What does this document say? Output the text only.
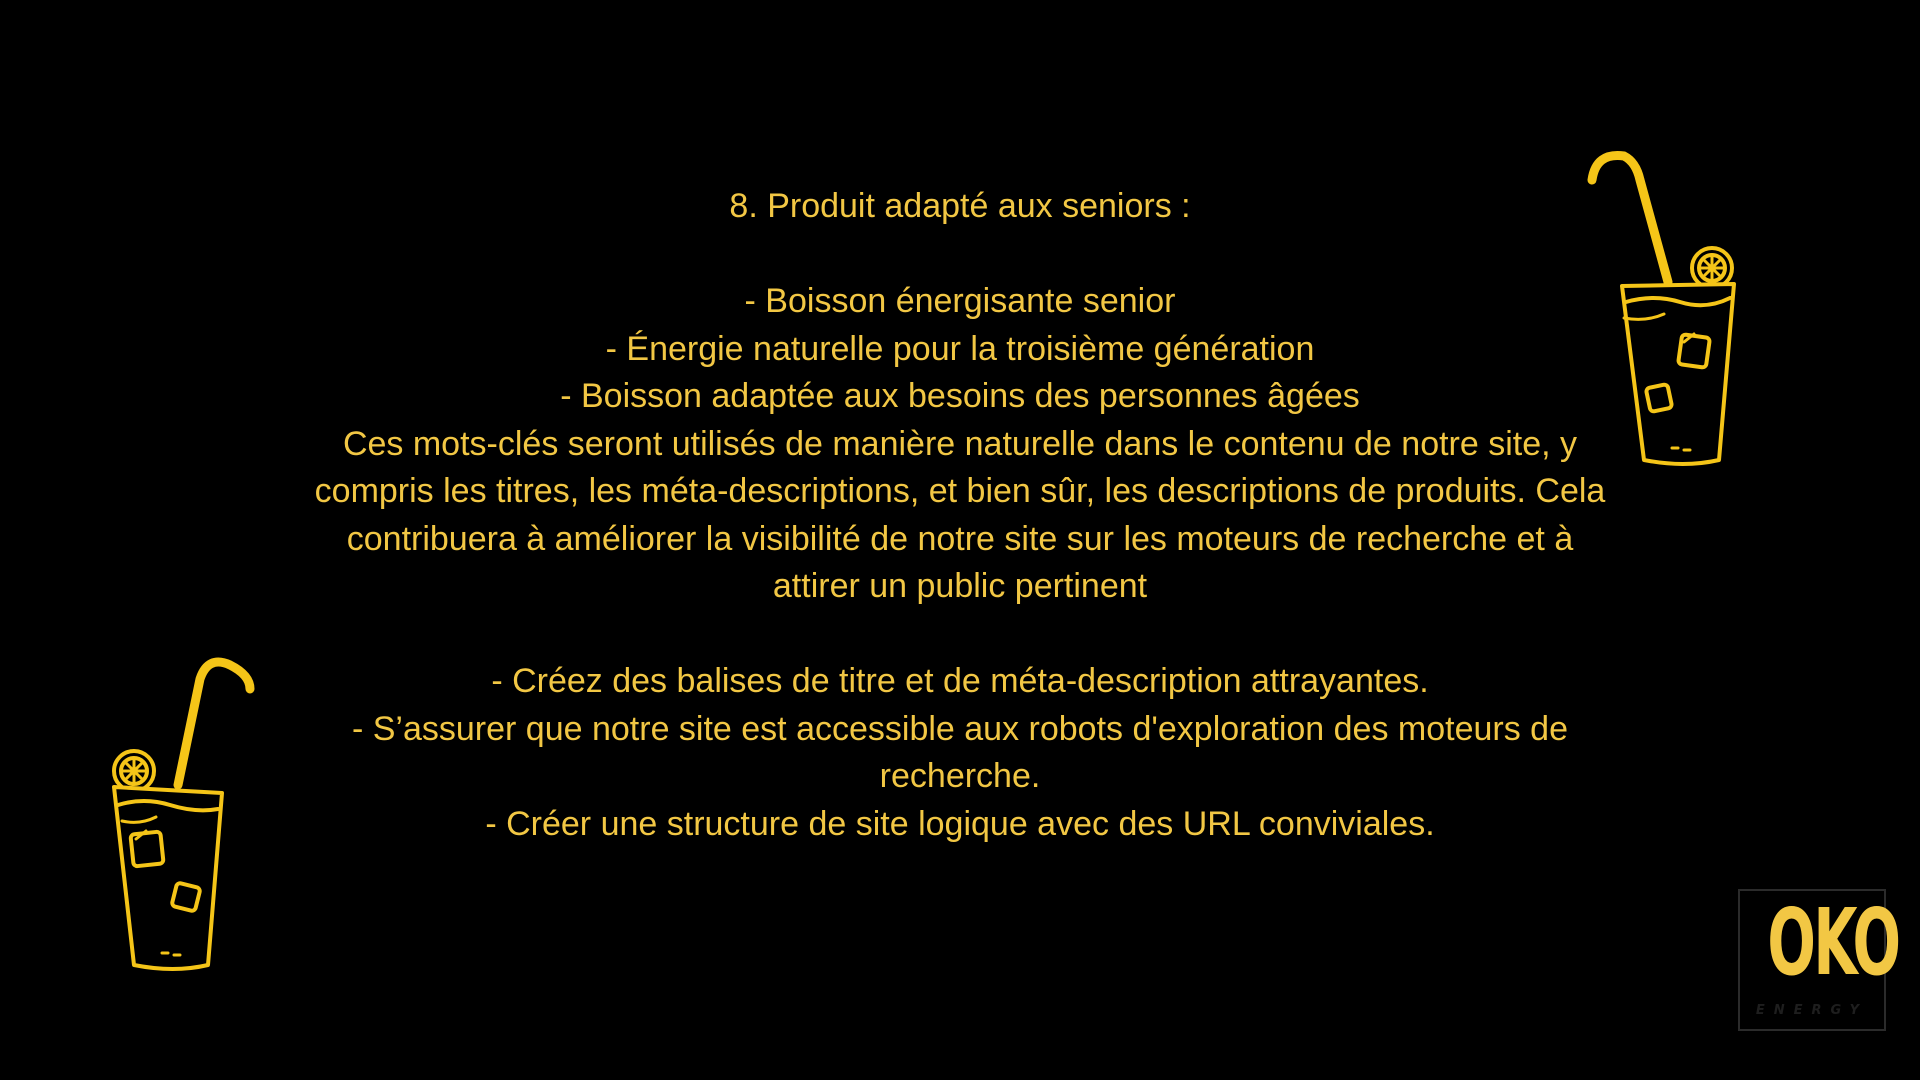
8. Produit adapté aux seniors :
- Boisson énergisante senior
- Énergie naturelle pour la troisième génération
- Boisson adaptée aux besoins des personnes âgées
Ces mots-clés seront utilisés de manière naturelle dans le contenu de notre site, y
compris les titres, les méta-descriptions, et bien sûr, les descriptions de produits. Cela
contribuera à améliorer la visibilité de notre site sur les moteurs de recherche et à
attirer un public pertinent
- Créez des balises de titre et de méta-description attrayantes.
- S’assurer que notre site est accessible aux robots d'exploration des moteurs de
recherche.
- Créer une structure de site logique avec des URL conviviales.
OKO
ENERGY
